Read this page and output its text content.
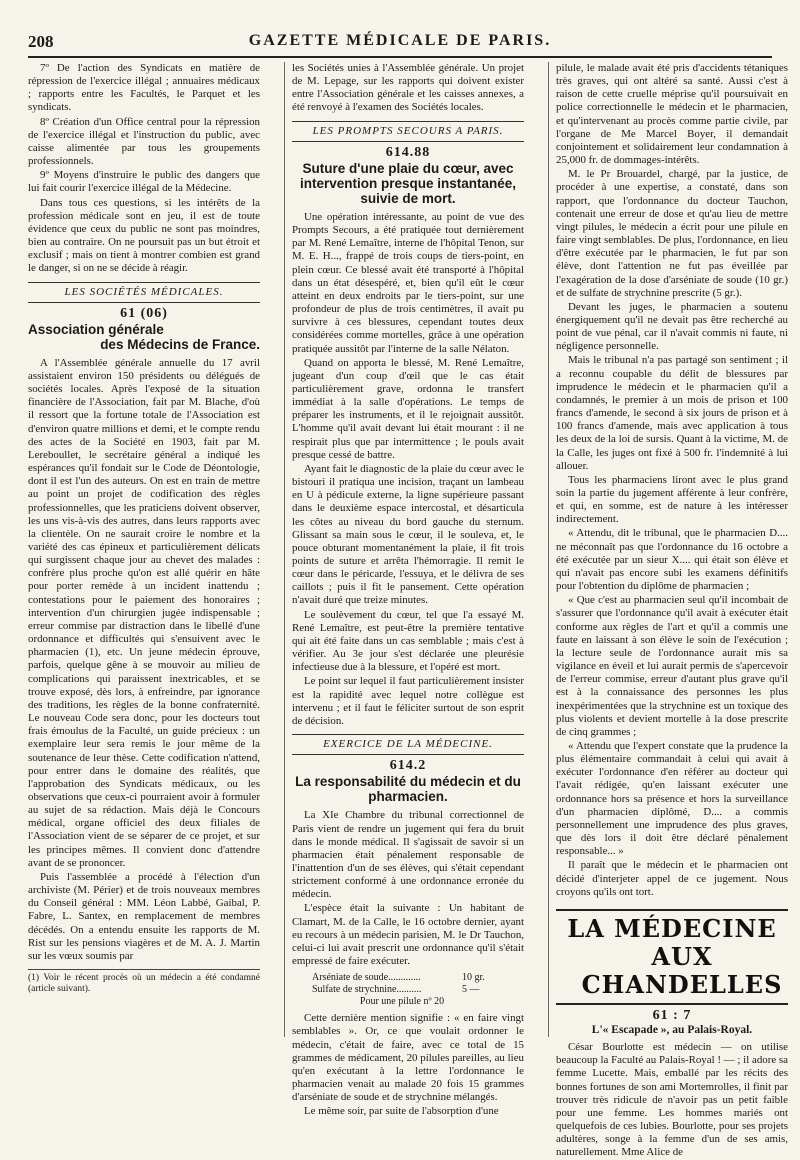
208	GAZETTE MÉDICALE DE PARIS.

7º De l'action des Syndicats en matière de répression de l'exercice illégal ; annuaires médicaux ; rapports entre les Facultés, le Parquet et les syndicats.

8º Création d'un Office central pour la répression de l'exercice illégal et l'instruction du public, avec caisse alimentée par tous les groupements professionnels.

9º Moyens d'instruire le public des dangers que lui fait courir l'exercice illégal de la Médecine.

Dans tous ces questions, si les intérêts de la profession médicale sont en jeu, il est de toute évidence que ceux du public ne sont pas moindres, bien au contraire. On ne poursuit pas un but étroit et exclusif ; mais on tient à montrer combien est grand le danger, si on ne se décide à réagir.

LES SOCIÉTÉS MÉDICALES.
61 (06)
Association générale
des Médecins de France.

A l'Assemblée générale annuelle du 17 avril assistaient environ 150 présidents ou délégués de sociétés locales. Après l'exposé de la situation financière de l'Association, fait par M. Blache, d'où il ressort que la fortune totale de l'Association est d'environ quatre millions et demi, et le compte rendu des actes de la Société en 1903, fait par M. Lereboullet, le secrétaire général a indiqué les espérances qu'il fondait sur le Code de Déontologie, dont il est l'un des auteurs. On est en train de mettre au point un projet de codification des règles professionnelles, que les praticiens doivent observer, les uns vis-à-vis des autres, dans leurs rapports avec la clientèle. On ne saurait croire le nombre et la variété des cas épineux et particulièrement délicats qui surgissent chaque jour au chevet des malades : confrère plus proche qu'on est allé quérir en hâte pour porter remède à un incident inattendu ; contestations pour le paiement des honoraires ; intervention d'un chirurgien jugée indispensable ; erreur commise par distraction dans le libellé d'une ordonnance et difficultés qui s'ensuivent avec le pharmacien (1), etc. Un jeune médecin éprouve, parfois, quelque gêne à se mouvoir au milieu de complications qui paraissent inextricables, et se trouve exposé, dès lors, à enfreindre, par ignorance des traditions, les règles de la bonne confraternité. Le nouveau Code sera donc, pour les docteurs tout frais émoulus de la Faculté, un guide précieux : un exemplaire leur sera remis le jour même de la soutenance de leur thèse. Cette codification n'attend, pour entrer dans le domaine des réalités, que l'approbation des Syndicats médicaux, ou les observations que ceux-ci pourraient avoir à formuler au sujet de sa rédaction. Mais déjà le Concours médical, organe officiel des deux filiales de l'Association vient de se séparer de ce projet, et sur les principes mêmes. Il convient donc d'attendre avant de se prononcer.

Puis l'assemblée a procédé à l'élection d'un archiviste (M. Périer) et de trois nouveaux membres du Conseil général : MM. Léon Labbé, Gaibal, P. Fabre, L. Santex, en remplacement de membres décédés. On a entendu ensuite les rapports de M. Rist sur les pensions viagères et de M. A. J. Martin sur les vœux soumis par

(1) Voir le récent procès où un médecin a été condamné (article suivant).

les Sociétés unies à l'Assemblée générale. Un projet de M. Lepage, sur les rapports qui doivent exister entre l'Association générale et les caisses annexes, a été renvoyé à l'examen des Sociétés locales.

LES PROMPTS SECOURS A PARIS.
614.88
Suture d'une plaie du cœur, avec intervention presque instantanée, suivie de mort.

Une opération intéressante, au point de vue des Prompts Secours, a été pratiquée tout dernièrement par M. René Lemaître, interne de l'hôpital Tenon, sur M. E. H..., frappé de trois coups de tiers-point, en plein cœur. Ce blessé avait été transporté à l'hôpital dans un état désespéré, et, bien qu'il eût le cœur atteint en deux endroits par le tiers-point, sur une profondeur de plus de trois centimètres, il avait pu survivre à ces blessures, cependant toutes deux considérées comme mortelles, grâce à une opération pratiquée aussitôt par l'interne de la salle Nélaton.

Quand on apporta le blessé, M. René Lemaître, jugeant d'un coup d'œil que le cas était particulièrement grave, ordonna le transfert immédiat à la salle d'opérations. Le temps de préparer les instruments, et il le rejoignait aussitôt. L'homme qu'il avait devant lui était mourant : il ne respirait plus que par intermittence ; le pouls avait presque cessé de battre.

Ayant fait le diagnostic de la plaie du cœur avec le bistouri il pratiqua une incision, traçant un lambeau en U à pédicule externe, la ligne supérieure passant dans le deuxième espace intercostal, et désarticula les côtes au niveau du bord gauche du sternum. Glissant sa main sous le cœur, il le souleva, et, le pouce obturant momentanément la plaie, il fit trois points de suture et arrêta l'hémorragie. Il remit le cœur dans le péricarde, l'essuya, et le délivra de ses caillots ; puis il fit le pansement. Cette opération n'avait duré que treize minutes.

Le soulèvement du cœur, tel que l'a essayé M. René Lemaître, est peut-être la première tentative qui ait été faite dans un cas semblable ; mais c'est à vérifier. Au 3e jour s'est déclarée une pleurésie infectieuse due à la blessure, et l'opéré est mort.

Le point sur lequel il faut particulièrement insister est la rapidité avec lequel notre collègue est intervenu ; et il faut le féliciter surtout de son esprit de décision.

EXERCICE DE LA MÉDECINE.
614.2
La responsabilité du médecin et du pharmacien.

La XIe Chambre du tribunal correctionnel de Paris vient de rendre un jugement qui fera du bruit dans le monde médical. Il s'agissait de savoir si un pharmacien était pénalement responsable de l'inattention d'un de ses élèves, qui s'était cependant strictement conformé à une ordonnance erronée du médecin.

L'espèce était la suivante : Un habitant de Clamart, M. de la Calle, le 16 octobre dernier, ayant eu recours à un médecin parisien, M. le Dr Tauchon, celui-ci lui avait prescrit une ordonnance qu'il s'était empressé de faire exécuter.

Arséniate de soude.............	10 gr.
Sulfate de strychnine..........	5 —
Pour une pilule nº 20

Cette dernière mention signifie : « en faire vingt semblables ». Or, ce que voulait ordonner le médecin, c'était de faire, avec ce total de 15 grammes de médicament, 20 pilules pareilles, au lieu qu'en exécutant à la lettre l'ordonnance le pharmacien venait au malade 20 fois 15 grammes d'arséniate de soude et de strychnine mélangés.

Le même soir, par suite de l'absorption d'une

pilule, le malade avait été pris d'accidents tétaniques très graves, qui ont altéré sa santé. Aussi c'est à raison de cette cruelle méprise qu'il poursuivait en police correctionnelle le médecin et le pharmacien, et qu'intervenant au procès comme partie civile, par l'organe de Me Marcel Boyer, il demandait conjointement et solidairement leur condamnation à 25,000 fr. de dommages-intérêts.

M. le Pr Brouardel, chargé, par la justice, de procéder à une expertise, a constaté, dans son rapport, que l'ordonnance du docteur Tauchon, contenait une erreur de dose et qu'au lieu de mettre vingt pilules, le médecin a écrit pour une pilule en faire vingt semblables. De plus, l'ordonnance, en lieu d'être exécutée par le pharmacien, le fut par son élève, dont l'attention ne fut pas éveillée par l'exagération de la dose d'arséniate de soude (10 gr.) et de sulfate de strychnine prescrite (5 gr.).

Devant les juges, le pharmacien a soutenu énergiquement qu'il ne devait pas être recherché au point de vue pénal, car il n'avait commis ni faute, ni négligence personnelle.

Mais le tribunal n'a pas partagé son sentiment ; il a reconnu coupable du délit de blessures par imprudence le médecin et le pharmacien qu'il a condamnés, le premier à un mois de prison et 100 francs d'amende, le second à six jours de prison et à 100 francs d'amende, mais avec application à tous les deux de la loi de sursis. Quant à la victime, M. de la Calle, les juges ont fixé à 500 fr. l'indemnité à lui allouer.

Tous les pharmaciens liront avec le plus grand soin la partie du jugement afférente à leur confrère, et qui, en somme, est de nature à les intéresser indirectement.

« Attendu, dit le tribunal, que le pharmacien D.... ne méconnaît pas que l'ordonnance du 16 octobre a été exécutée par un sieur X.... qui était son élève et qui n'avait pas encore subi les examens définitifs pour l'obtention du diplôme de pharmacien ;

« Que c'est au pharmacien seul qu'il incombait de s'assurer que l'ordonnance qu'il avait à exécuter était conforme aux règles de l'art et qu'il a commis une faute en laissant à son élève le soin de l'exécution ; la lecture seule de l'ordonnance aurait mis sa vigilance en éveil et lui aurait permis de s'apercevoir de l'erreur commise, erreur d'autant plus grave qu'il est à la connaissance des personnes les plus inexpérimentées que la strychnine est un toxique des plus violents et devient mortelle à la dose prescrite de cinq grammes ;

« Attendu que l'expert constate que la prudence la plus élémentaire commandait à celui qui avait à exécuter l'ordonnance d'en référer au docteur qui l'avait rédigée, qu'en laissant exécuter une ordonnance hors sa présence et hors la surveillance d'un pharmacien diplômé, D.... a commis personnellement une imprudence des plus graves, que dès lors il doit être déclaré pénalement responsable... »

Il paraît que le médecin et le pharmacien ont décidé d'interjeter appel de ce jugement. Nous croyons qu'ils ont tort.

LA MÉDECINE
AUX CHANDELLES
61 : 7
L'« Escapade », au Palais-Royal.

César Bourlotte est médecin — on utilise beaucoup la Faculté au Palais-Royal ! — ; il adore sa femme Lucette. Mais, emballé par les récits des bonnes fortunes de son ami Mortemrolles, il finit par trouver très ridicule de n'avoir pas un petit faible pour une femme. Les hommes mariés ont quelquefois de ces lubies. Bourlotte, pour ses projets adultères, songe à la femme d'un de ses amis, naturellement. Mme Alice de
